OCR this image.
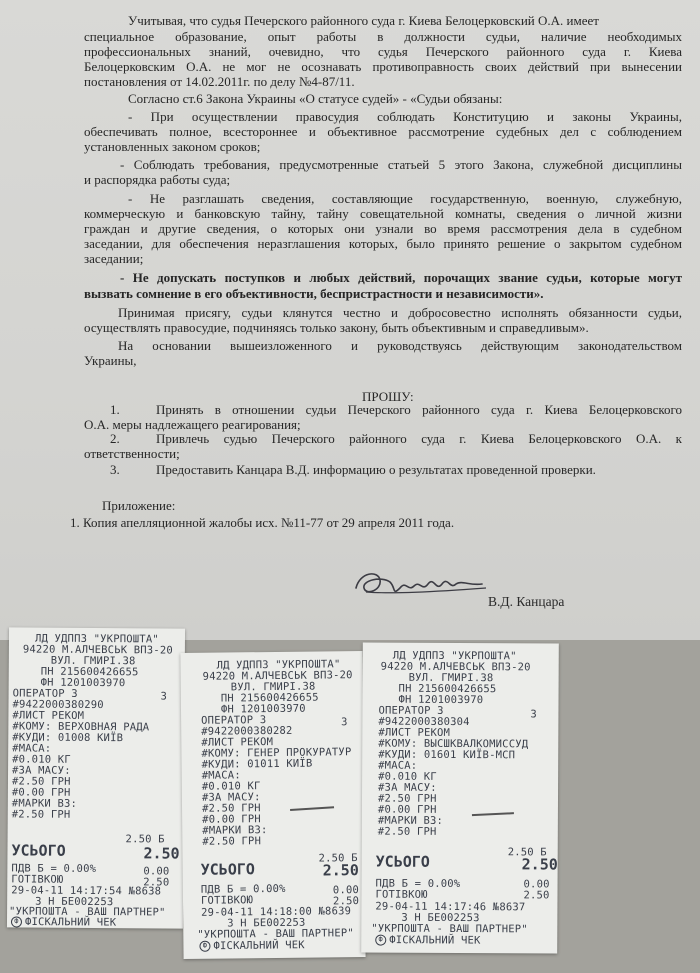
Учитывая, что судья Печерского районного суда г. Киева Белоцерковский О.А. имеет
специальное образование, опыт работы в должности судьи, наличие необходимых
профессиональных знаний, очевидно, что судья Печерского районного суда г. Киева
Белоцерковским О.А. не мог не осознавать противоправность своих действий при вынесении
постановления от 14.02.2011г. по делу №4-87/11.
Согласно ст.6 Закона Украины «О статусе судей» - «Судьи обязаны:
- При осуществлении правосудия соблюдать Конституцию и законы Украины,
обеспечивать полное, всестороннее и объективное рассмотрение судебных дел с соблюдением
установленных законом сроков;
- Соблюдать требования, предусмотренные статьей 5 этого Закона, служебной дисциплины
и распорядка работы суда;
- Не разглашать сведения, составляющие государственную, военную, служебную,
коммерческую и банковскую тайну, тайну совещательной комнаты, сведения о личной жизни
граждан и другие сведения, о которых они узнали во время рассмотрения дела в судебном
заседании, для обеспечения неразглашения которых, было принято решение о закрытом судебном
заседании;
- Не допускать поступков и любых действий, порочащих звание судьи, которые могут
вызвать сомнение в его объективности, беспристрастности и независимости».
Принимая присягу, судьи клянутся честно и добросовестно исполнять обязанности судьи,
осуществлять правосудие, подчиняясь только закону, быть объективным и справедливым».
На основании вышеизложенного и руководствуясь действующим законодательством
Украины,
ПРОШУ:
1.	Принять в отношении судьи Печерского районного суда г. Киева Белоцерковского
О.А. меры надлежащего реагирования;
2.	Привлечь судью Печерского районного суда г. Киева Белоцерковского О.А. к
ответственности;
3.	Предоставить Канцара В.Д. информацию о результатах проведенной проверки.
Приложение:
1. Копия апелляционной жалобы исх. №11-77 от 29 апреля 2011 года.
В.Д. Канцара
ЛД УДППЗ "УКРПОШТА"
94220 М.АЛЧЕВСЬК ВПЗ-20
ВУЛ. ГМИРІ.38
ПН 215600426655
ФН 1201003970
ОПЕРАТОР 3	3
#9422000380290
#ЛИСТ РЕКОМ
#КОМУ: ВЕРХОВНАЯ РАДА
#КУДИ: 01008 КИЇВ
#МАСА:
#0.010 КГ
#ЗА МАСУ:
#2.50 ГРН
#0.00 ГРН
#МАРКИ ВЗ:
#2.50 ГРН
2.50 Б
УСЬОГО	2.50
ПДВ Б = 0.00%	0.00
ГОТІВКОЮ	2.50
29-04-11 14:17:54 №8638
3 Н БЕ002253
"УКРПОШТА - ВАШ ПАРТНЕР"
Ф ФІСКАЛЬНИЙ ЧЕК
ЛД УДППЗ "УКРПОШТА"
94220 М.АЛЧЕВСЬК ВПЗ-20
ВУЛ. ГМИРІ.38
ПН 215600426655
ФН 1201003970
ОПЕРАТОР 3	3
#9422000380282
#ЛИСТ РЕКОМ
#КОМУ: ГЕНЕР ПРОКУРАТУР
#КУДИ: 01011 КИЇВ
#МАСА:
#0.010 КГ
#ЗА МАСУ:
#2.50 ГРН
#0.00 ГРН
#МАРКИ ВЗ:
#2.50 ГРН
2.50 Б
УСЬОГО	2.50
ПДВ Б = 0.00%	0.00
ГОТІВКОЮ	2.50
29-04-11 14:18:00 №8639
3 Н БЕ002253
"УКРПОШТА - ВАШ ПАРТНЕР"
Ф ФІСКАЛЬНИЙ ЧЕК
ЛД УДППЗ "УКРПОШТА"
94220 М.АЛЧЕВСЬК ВПЗ-20
ВУЛ. ГМИРІ.38
ПН 215600426655
ФН 1201003970
ОПЕРАТОР 3	3
#9422000380304
#ЛИСТ РЕКОМ
#КОМУ: ВЫСШКВАЛКОМИССУД
#КУДИ: 01601 КИЇВ-МСП
#МАСА:
#0.010 КГ
#ЗА МАСУ:
#2.50 ГРН
#0.00 ГРН
#МАРКИ ВЗ:
#2.50 ГРН
2.50 Б
УСЬОГО	2.50
ПДВ Б = 0.00%	0.00
ГОТІВКОЮ	2.50
29-04-11 14:17:46 №8637
3 Н БЕ002253
"УКРПОШТА - ВАШ ПАРТНЕР"
Ф ФІСКАЛЬНИЙ ЧЕК
